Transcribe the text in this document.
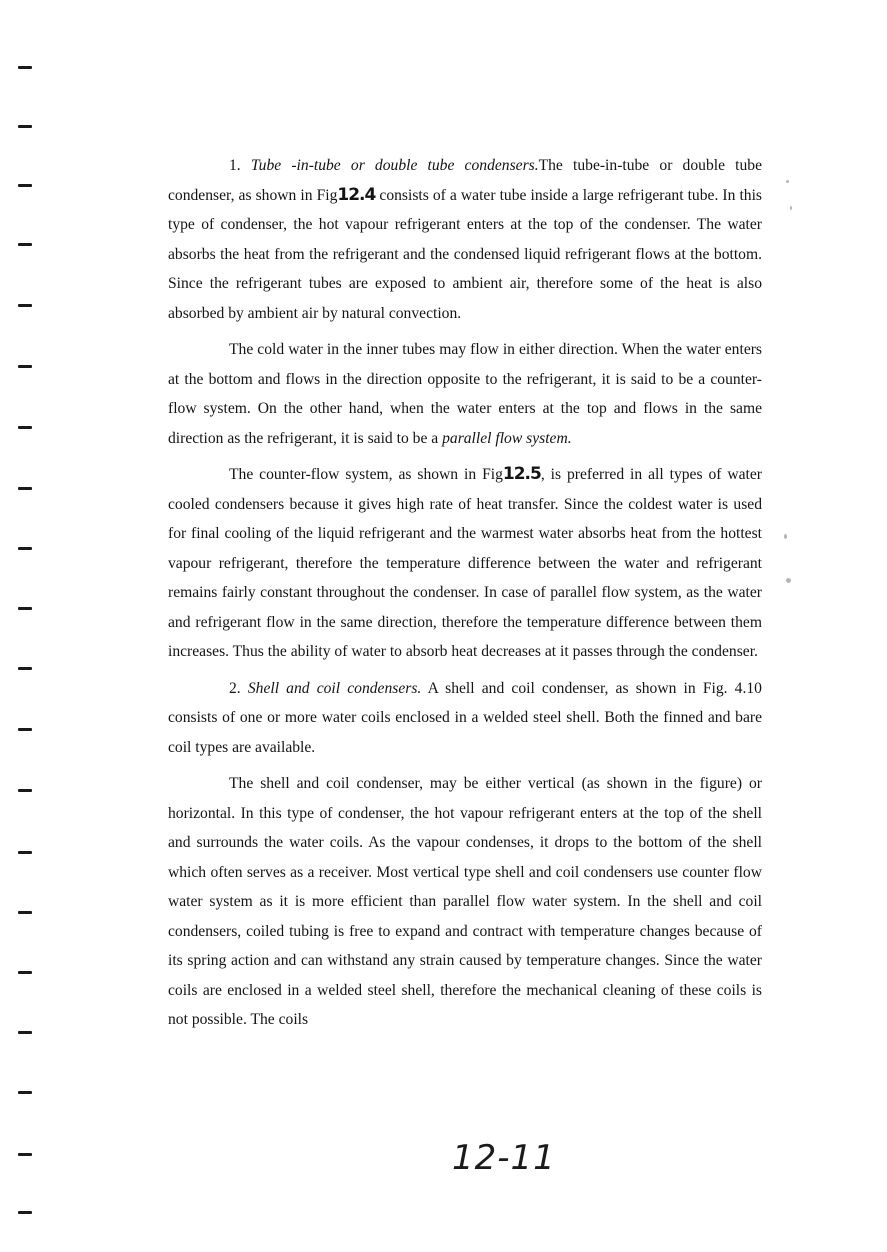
1. Tube -in-tube or double tube condensers.The tube-in-tube or double tube condenser, as shown in Fig12.4 consists of a water tube inside a large refrigerant tube. In this type of condenser, the hot vapour refrigerant enters at the top of the condenser. The water absorbs the heat from the refrigerant and the condensed liquid refrigerant flows at the bottom. Since the refrigerant tubes are exposed to ambient air, therefore some of the heat is also absorbed by ambient air by natural convection.

The cold water in the inner tubes may flow in either direction. When the water enters at the bottom and flows in the direction opposite to the refrigerant, it is said to be a counter-flow system. On the other hand, when the water enters at the top and flows in the same direction as the refrigerant, it is said to be a parallel flow system.

The counter-flow system, as shown in Fig12.5, is preferred in all types of water cooled condensers because it gives high rate of heat transfer. Since the coldest water is used for final cooling of the liquid refrigerant and the warmest water absorbs heat from the hottest vapour refrigerant, therefore the temperature difference between the water and refrigerant remains fairly constant throughout the condenser. In case of parallel flow system, as the water and refrigerant flow in the same direction, therefore the temperature difference between them increases. Thus the ability of water to absorb heat decreases at it passes through the condenser.

2. Shell and coil condensers. A shell and coil condenser, as shown in Fig. 4.10 consists of one or more water coils enclosed in a welded steel shell. Both the finned and bare coil types are available.

The shell and coil condenser, may be either vertical (as shown in the figure) or horizontal. In this type of condenser, the hot vapour refrigerant enters at the top of the shell and surrounds the water coils. As the vapour condenses, it drops to the bottom of the shell which often serves as a receiver. Most vertical type shell and coil condensers use counter flow water system as it is more efficient than parallel flow water system. In the shell and coil condensers, coiled tubing is free to expand and contract with temperature changes because of its spring action and can withstand any strain caused by temperature changes. Since the water coils are enclosed in a welded steel shell, therefore the mechanical cleaning of these coils is not possible. The coils

12-11
